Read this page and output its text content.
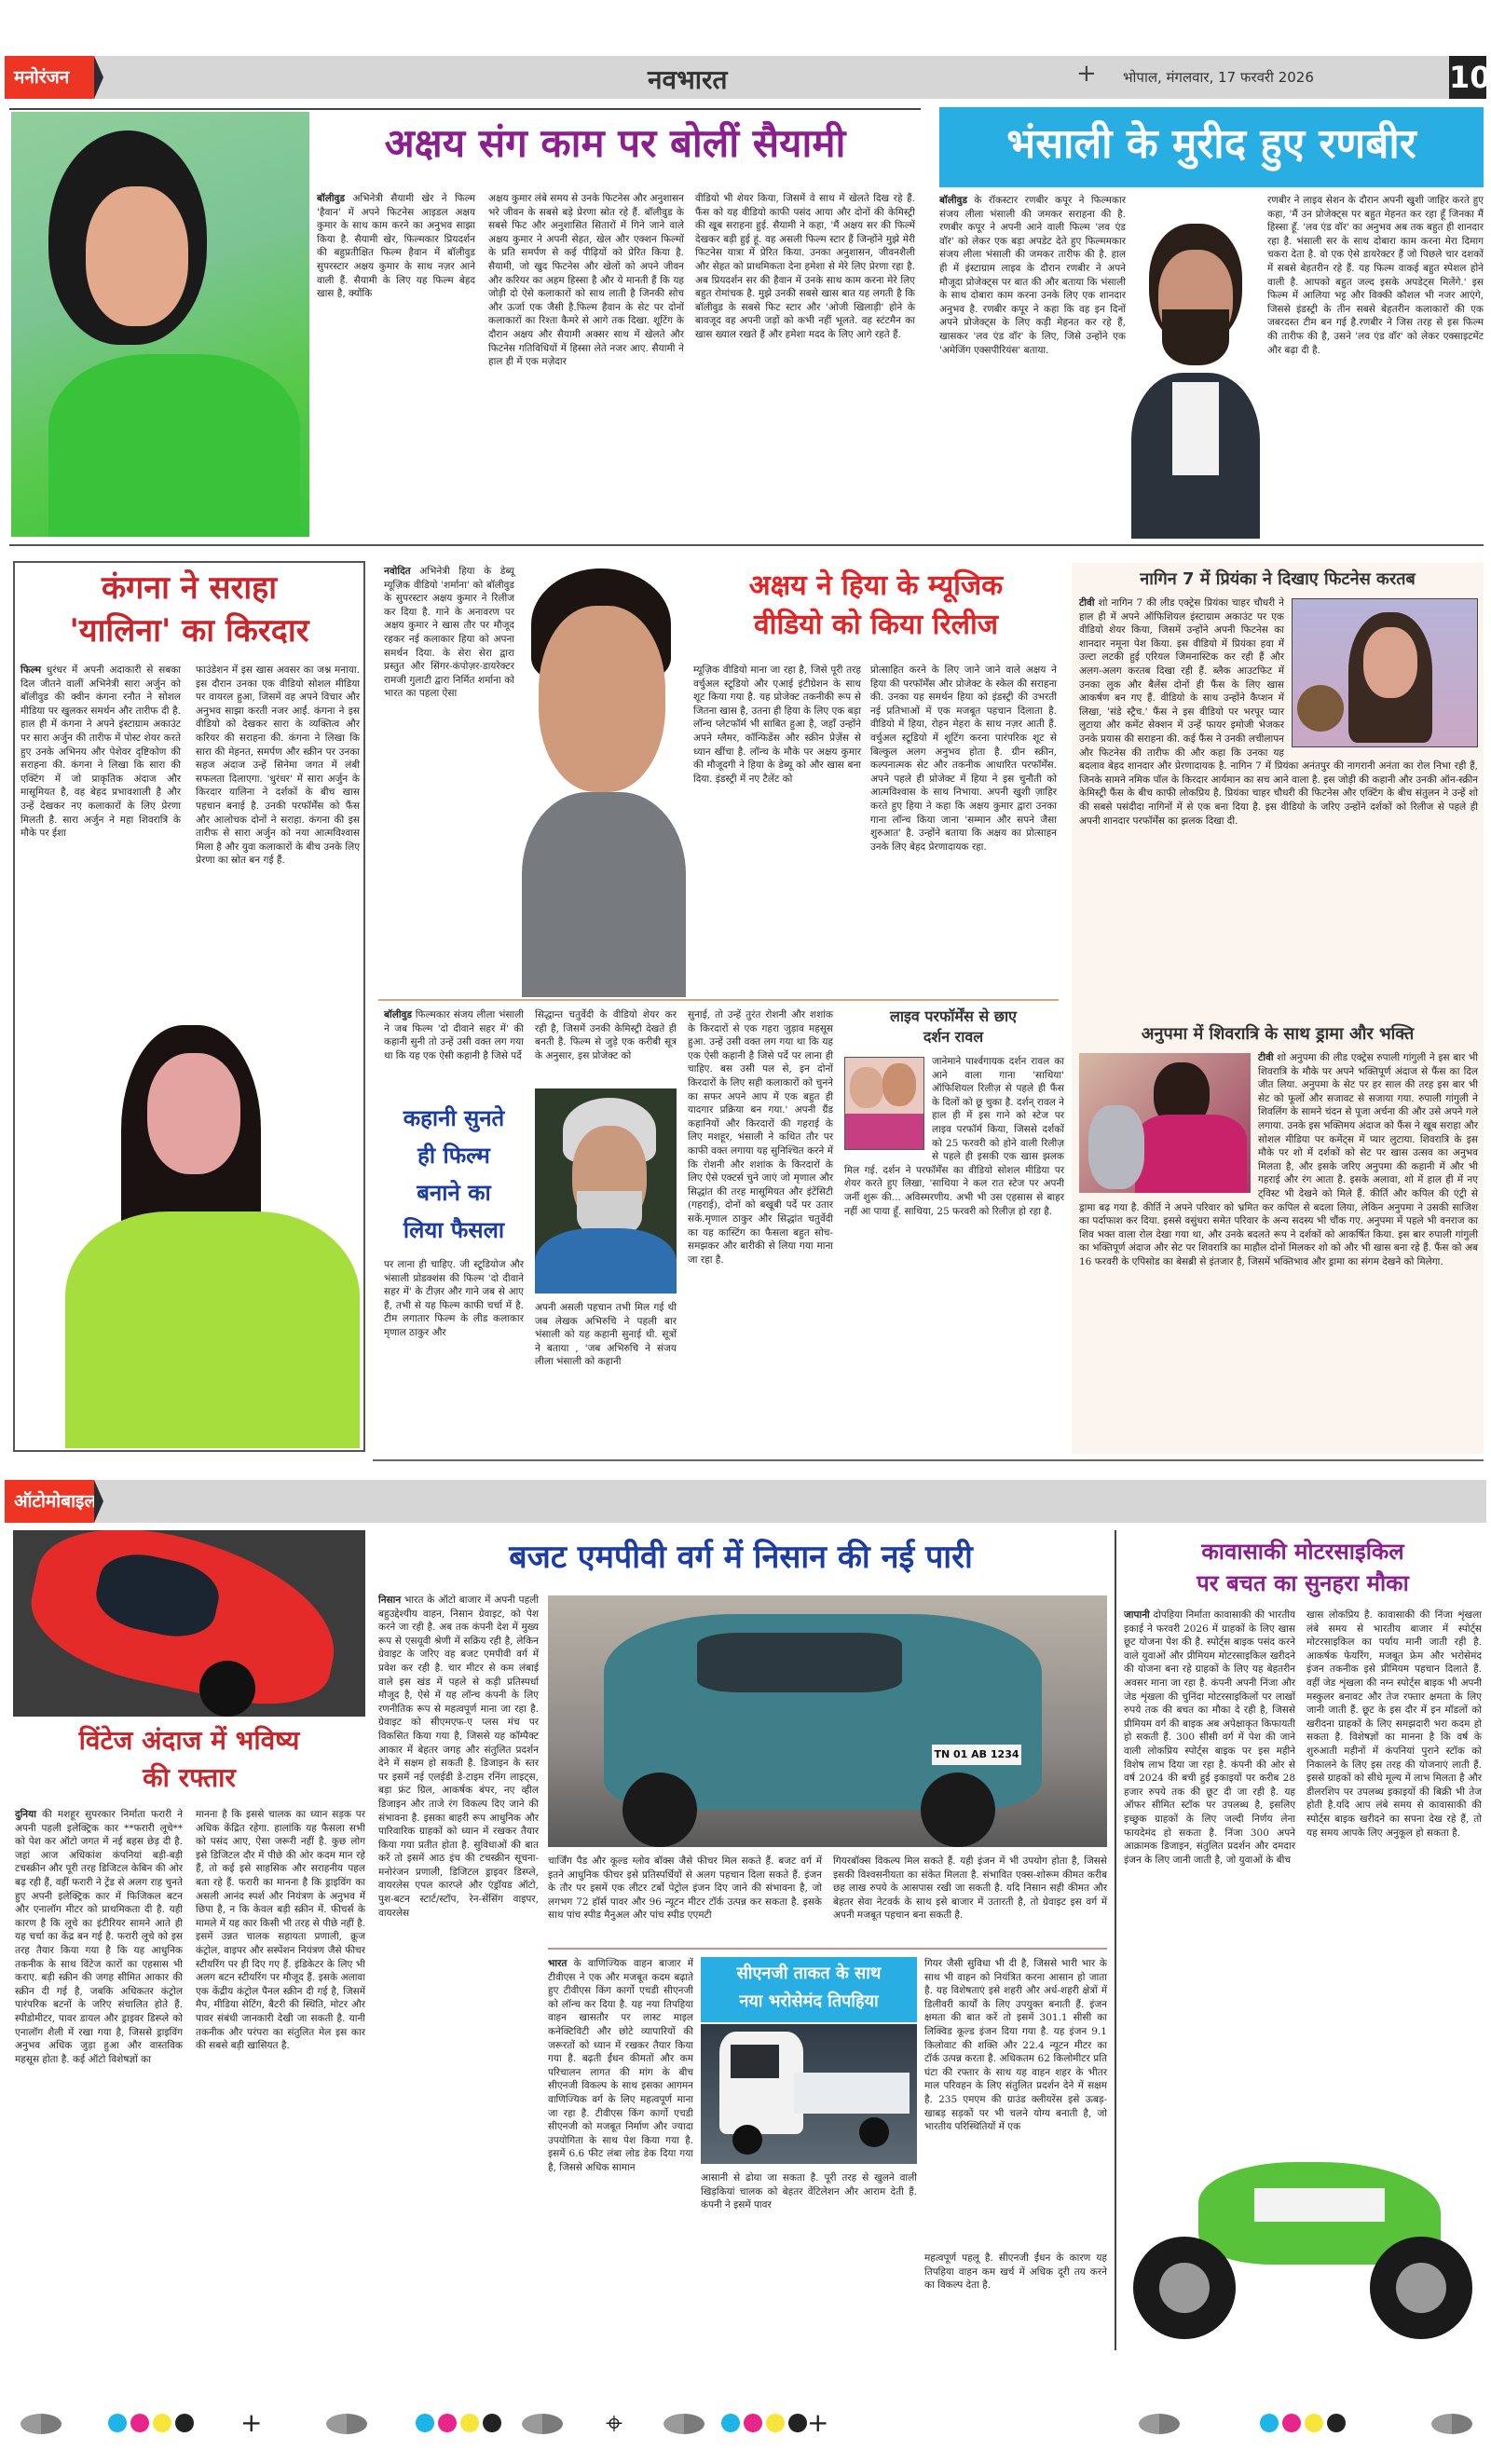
मनोरंजन	नवभारत	+ भोपाल, मंगलवार, 17 फरवरी 2026	10
अक्षय संग काम पर बोलीं सैयामी
बॉलीवुड अभिनेत्री सैयामी खेर ने फिल्म 'हैवान' में अपने फिटनेस आइडल अक्षय कुमार के साथ काम करने का अनुभव साझा किया है. सैयामी खेर, फिल्मकार प्रियदर्शन की बहुप्रतीक्षित फिल्म हैवान में बॉलीवुड सुपरस्टार अक्षय कुमार के साथ नज़र आने वाली हैं. सैयामी के लिए यह फिल्म बेहद खास है, क्योंकि
अक्षय कुमार लंबे समय से उनके फिटनेस और अनुशासन भरे जीवन के सबसे बड़े प्रेरणा स्रोत रहे हैं. बॉलीवुड के सबसे फिट और अनुशासित सितारों में गिने जाने वाले अक्षय कुमार ने अपनी सेहत, खेल और एक्शन फिल्मों के प्रति समर्पण से कई पीढ़ियों को प्रेरित किया है. सैयामी, जो खुद फिटनेस और खेलों को अपने जीवन और करियर का अहम हिस्सा है और ये मानती हैं कि यह जोड़ी दो ऐसे कलाकारों को साथ लाती है जिनकी सोच और ऊर्जा एक जैसी है.फिल्म हैवान के सेट पर दोनों कलाकारों का रिश्ता कैमरे से आगे तक दिखा. शूटिंग के दौरान अक्षय और सैयामी अक्सर साथ में खेलते और फिटनेस गतिविधियों में हिस्सा लेते नजर आए. सैयामी ने हाल ही में एक मज़ेदार
वीडियो भी शेयर किया, जिसमें वे साथ में खेलते दिख रहे हैं. फैंस को यह वीडियो काफी पसंद आया और दोनों की केमिस्ट्री की खूब सराहना हुई. सैयामी ने कहा, 'मैं अक्षय सर की फिल्में देखकर बड़ी हुई हूं. वह असली फिल्म स्टार हैं जिन्होंने मुझे मेरी फिटनेस यात्रा में प्रेरित किया. उनका अनुशासन, जीवनशैली और सेहत को प्राथमिकता देना हमेशा से मेरे लिए प्रेरणा रहा है. अब प्रियदर्शन सर की हैवान में उनके साथ काम करना मेरे लिए बहुत रोमांचक है. मुझे उनकी सबसे खास बात यह लगती है कि बॉलीवुड के सबसे फिट स्टार और 'ओजी खिलाड़ी' होने के बावजूद वह अपनी जड़ों को कभी नहीं भूलते. वह स्टंटमैन का खास ख्याल रखते हैं और हमेशा मदद के लिए आगे रहते हैं.
भंसाली के मुरीद हुए रणबीर
बॉलीवुड के रॉकस्टार रणबीर कपूर ने फिल्मकार संजय लीला भंसाली की जमकर सराहना की है. रणबीर कपूर ने अपनी आने वाली फिल्म 'लव एंड वॉर' को लेकर एक बड़ा अपडेट देते हुए फिल्ममकार संजय लीला भंसाली की जमकर तारीफ की है. हाल ही में इंस्टाग्राम लाइव के दौरान रणबीर ने अपने मौजूदा प्रोजेक्ट्स पर बात की और बताया कि भंसाली के साथ दोबारा काम करना उनके लिए एक शानदार अनुभव है. रणबीर कपूर ने कहा कि वह इन दिनों अपने प्रोजेक्ट्स के लिए कड़ी मेहनत कर रहे हैं, खासकर 'लव एंड वॉर' के लिए, जिसे उन्होंने एक 'अमेजिंग एक्सपीरियंस' बताया.
रणबीर ने लाइव सेशन के दौरान अपनी खुशी जाहिर करते हुए कहा, 'मैं उन प्रोजेक्ट्स पर बहुत मेहनत कर रहा हूँ जिनका मैं हिस्सा हूँ. 'लव एंड वॉर' का अनुभव अब तक बहुत ही शानदार रहा है. भंसाली सर के साथ दोबारा काम करना मेरा दिमाग चकरा देता है. वो एक ऐसे डायरेक्टर हैं जो पिछले चार दशकों में सबसे बेहतरीन रहे हैं. यह फिल्म वाकई बहुत स्पेशल होने वाली है. आपको बहुत जल्द इसके अपडेट्स मिलेंगे.' इस फिल्म में आलिया भट्ट और विक्की कौशल भी नजर आएंगे, जिससे इंडस्ट्री के तीन सबसे बेहतरीन कलाकारों की एक जबरदस्त टीम बन गई है.रणबीर ने जिस तरह से इस फिल्म की तारीफ की है, उसने 'लव एंड वॉर' को लेकर एक्साइटमेंट और बढ़ा दी है.
कंगना ने सराहा
'यालिना' का किरदार
फिल्म धुरंधर में अपनी अदाकारी से सबका दिल जीतने वालीं अभिनेत्री सारा अर्जुन को बॉलीवुड की क्वीन कंगना रनौत ने सोशल मीडिया पर खुलकर समर्थन और तारीफ दी है. हाल ही में कंगना ने अपने इंस्टाग्राम अकाउंट पर सारा अर्जुन की तारीफ में पोस्ट शेयर करते हुए उनके अभिनय और पेशेवर दृष्टिकोण की सराहना की. कंगना ने लिखा कि सारा की एक्टिंग में जो प्राकृतिक अंदाज और मासूमियत है, वह बेहद प्रभावशाली है और उन्हें देखकर नए कलाकारों के लिए प्रेरणा मिलती है. सारा अर्जुन ने महा शिवरात्रि के मौके पर ईशा
फाउंडेशन में इस खास अवसर का जश्न मनाया. इस दौरान उनका एक वीडियो सोशल मीडिया पर वायरल हुआ, जिसमें वह अपने विचार और अनुभव साझा करती नजर आईं. कंगना ने इस वीडियो को देखकर सारा के व्यक्तित्व और करियर की सराहना की. कंगना ने लिखा कि सारा की मेहनत, समर्पण और स्क्रीन पर उनका सहज अंदाज उन्हें सिनेमा जगत में लंबी सफलता दिलाएगा. 'धुरंधर' में सारा अर्जुन के किरदार यालिना ने दर्शकों के बीच खास पहचान बनाई है. उनकी परफॉर्मेंस को फैंस और आलोचक दोनों ने सराहा. कंगना की इस तारीफ से सारा अर्जुन को नया आत्मविश्वास मिला है और युवा कलाकारों के बीच उनके लिए प्रेरणा का स्रोत बन गई हैं.
नवोदित अभिनेत्री हिया के डेब्यू म्यूज़िक वीडियो 'शर्माना' को बॉलीवुड के सुपरस्टार अक्षय कुमार ने रिलीज कर दिया है. गाने के अनावरण पर अक्षय कुमार ने खास तौर पर मौजूद रहकर नई कलाकार हिया को अपना समर्थन दिया. के सेरा सेरा द्वारा प्रस्तुत और सिंगर-कंपोज़र-डायरेक्टर रामजी गुलाटी द्वारा निर्मित शर्माना को भारत का पहला ऐसा
अक्षय ने हिया के म्यूजिक
वीडियो को किया रिलीज
म्यूज़िक वीडियो माना जा रहा है, जिसे पूरी तरह वर्चुअल स्टूडियो और एआई इंटीग्रेशन के साथ शूट किया गया है. यह प्रोजेक्ट तकनीकी रूप से जितना खास है, उतना ही हिया के लिए एक बड़ा लॉन्च प्लेटफॉर्म भी साबित हुआ है, जहाँ उन्होंने अपने ग्लैमर, कॉन्फिडेंस और स्क्रीन प्रेज़ेंस से ध्यान खींचा है. लॉन्च के मौके पर अक्षय कुमार की मौजूदगी ने हिया के डेब्यू को और खास बना दिया. इंडस्ट्री में नए टैलेंट को
प्रोत्साहित करने के लिए जाने जाने वाले अक्षय ने हिया की परफॉर्मेंस और प्रोजेक्ट के स्केल की सराहना की. उनका यह समर्थन हिया को इंडस्ट्री की उभरती नई प्रतिभाओं में एक मजबूत पहचान दिलाता है. वीडियो में हिया, रोहन मेहरा के साथ नज़र आती हैं. वर्चुअल स्टूडियो में शूटिंग करना पारंपरिक शूट से बिल्कुल अलग अनुभव होता है. ग्रीन स्क्रीन, कल्पनात्मक सेट और तकनीक आधारित परफॉर्मेंस. अपने पहले ही प्रोजेक्ट में हिया ने इस चुनौती को आत्मविश्वास के साथ निभाया. अपनी खुशी ज़ाहिर करते हुए हिया ने कहा कि अक्षय कुमार द्वारा उनका गाना लॉन्च किया जाना 'सम्मान और सपने जैसा शुरुआत' है. उन्होंने बताया कि अक्षय का प्रोत्साहन उनके लिए बेहद प्रेरणादायक रहा.
नागिन 7 में प्रियंका ने दिखाए फिटनेस करतब
टीवी शो नागिन 7 की लीड एक्ट्रेस प्रियंका चाहर चौधरी ने हाल ही में अपने ऑफिशियल इंस्टाग्राम अकाउंट पर एक वीडियो शेयर किया, जिसमें उन्होंने अपनी फिटनेस का शानदार नमूना पेश किया. इस वीडियो में प्रियंका हवा में उल्टा लटकी हुई एरियल जिमनास्टिक कर रही हैं और अलग-अलग करतब दिखा रही हैं. ब्लैक आउटफिट में उनका लुक और बैलेंस दोनों ही फैंस के लिए खास आकर्षण बन गए हैं. वीडियो के साथ उन्होंने कैप्शन में लिखा, 'संडे स्ट्रैच.' फैंस ने इस वीडियो पर भरपूर प्यार लुटाया और कमेंट सेक्शन में उन्हें फायर इमोजी भेजकर उनके प्रयास की सराहना की. कई फैंस ने उनकी लचीलापन और फिटनेस की तारीफ की और कहा कि उनका यह बदलाव बेहद शानदार और प्रेरणादायक है. नागिन 7 में प्रियंका अनंतपुर की नागरानी अनंता का रोल निभा रही हैं, जिनके सामने नमिक पॉल के किरदार आर्यमान का सच आने वाला है. इस जोड़ी की कहानी और उनकी ऑन-स्क्रीन केमिस्ट्री फैंस के बीच काफी लोकप्रिय है. प्रियंका चाहर चौधरी की फिटनेस और एक्टिंग के बीच संतुलन ने उन्हें शो की सबसे पसंदीदा नागिनों में से एक बना दिया है. इस वीडियो के जरिए उन्होंने दर्शकों को रिलीज से पहले ही अपनी शानदार परफॉर्मेंस का झलक दिखा दी.
अनुपमा में शिवरात्रि के साथ ड्रामा और भक्ति
टीवी शो अनुपमा की लीड एक्ट्रेस रुपाली गांगुली ने इस बार भी शिवरात्रि के मौके पर अपने भक्तिपूर्ण अंदाज से फैंस का दिल जीत लिया. अनुपमा के सेट पर हर साल की तरह इस बार भी सेट को फूलों और सजावट से सजाया गया. रुपाली गांगुली ने शिवलिंग के सामने चंदन से पूजा अर्चना की और उसे अपने गले लगाया. उनके इस भक्तिमय अंदाज को फैंस ने खूब सराहा और सोशल मीडिया पर कमेंट्स में प्यार लुटाया. शिवरात्रि के इस मौके पर शो में दर्शकों को सेट पर खास उत्सव का अनुभव मिलता है, और इसके जरिए अनुपमा की कहानी में और भी गहराई और रंग आता है. इसके अलावा, शो में हाल ही में नए ट्विस्ट भी देखने को मिले हैं. कीर्ति और कपिल की एंट्री से ड्रामा बढ़ गया है. कीर्ति ने अपने परिवार को भ्रमित कर कपिल से बदला लिया, लेकिन अनुपमा ने उसकी साजिश का पर्दाफाश कर दिया. इससे वसुंधरा समेत परिवार के अन्य सदस्य भी चौंक गए. अनुपमा में पहले भी वनराज का शिव भक्त वाला रोल देखा गया था, और उनके बदलते रूप ने दर्शकों को आकर्षित किया. इस बार रुपाली गांगुली का भक्तिपूर्ण अंदाज और सेट पर शिवरात्रि का माहौल दोनों मिलकर शो को और भी खास बना रहे हैं. फैंस को अब 16 फरवरी के एपिसोड का बेसब्री से इंतजार है, जिसमें भक्तिभाव और ड्रामा का संगम देखने को मिलेगा.
बॉलीवुड फिल्मकार संजय लीला भंसाली ने जब फिल्म 'दो दीवाने सहर में' की कहानी सुनी तो उन्हें उसी वक्त लग गया था कि यह एक ऐसी कहानी है जिसे पर्दे
कहानी सुनते
ही फिल्म
बनाने का
लिया फैसला
पर लाना ही चाहिए. जी स्टूडियोज और भंसाली प्रोडक्शंस की फिल्म 'दो दीवाने सहर में' के टीज़र और गाने जब से आए हैं, तभी से यह फिल्म काफी चर्चा में है. टीम लगातार फिल्म के लीड कलाकार मृणाल ठाकुर और
सिद्धान्त चतुर्वेदी के वीडियो शेयर कर रही है, जिसमें उनकी केमिस्ट्री देखते ही बनती है. फिल्म से जुड़े एक करीबी सूत्र के अनुसार, इस प्रोजेक्ट को
अपनी असली पहचान तभी मिल गई थी जब लेखक अभिरुचि ने पहली बार भंसाली को यह कहानी सुनाई थी. सूत्रों ने बताया , 'जब अभिरुचि ने संजय लीला भंसाली को कहानी
सुनाई, तो उन्हें तुरंत रोशनी और शशांक के किरदारों से एक गहरा जुड़ाव महसूस हुआ. उन्हें उसी वक्त लग गया था कि यह एक ऐसी कहानी है जिसे पर्दे पर लाना ही चाहिए. बस उसी पल से, इन दोनों किरदारों के लिए सही कलाकारों को चुनने का सफर अपने आप में एक बहुत ही यादगार प्रक्रिया बन गया.' अपनी ग्रैंड कहानियों और किरदारों की गहराई के लिए मशहूर, भंसाली ने कथित तौर पर काफी वक्त लगाया यह सुनिश्चित करने में कि रोशनी और शशांक के किरदारों के लिए ऐसे एक्टर्स चुने जाएं जो मृणाल और सिद्धांत की तरह मासूमियत और इंटेंसिटी (गहराई), दोनों को बखूबी पर्दे पर उतार सकें.मृणाल ठाकुर और सिद्धांत चतुर्वेदी का यह कास्टिंग का फैसला बहुत सोच-समझकर और बारीकी से लिया गया माना जा रहा है.
लाइव परफॉर्मेंस से छाए
दर्शन रावल
जानेमाने पार्श्वगायक दर्शन रावल का आने वाला गाना 'साथिया' ऑफिशियल रिलीज़ से पहले ही फैंस के दिलों को छू चुका है. दर्शन् रावल ने हाल ही में इस गाने को स्टेज पर लाइव परफॉर्म किया, जिससे दर्शकों को 25 फरवरी को होने वाली रिलीज़ से पहले ही इसकी एक खास झलक मिल गई. दर्शन ने परफॉर्मेंस का वीडियो सोशल मीडिया पर शेयर करते हुए लिखा, 'साथिया ने कल रात स्टेज पर अपनी जर्नी शुरू की... अविस्मरणीय. अभी भी उस एहसास से बाहर नहीं आ पाया हूँ. साथिया, 25 फरवरी को रिलीज़ हो रहा है.
ऑटोमोबाइल
विंटेज अंदाज में भविष्य
की रफ्तार
दुनिया की मशहूर सुपरकार निर्माता फरारी ने अपनी पहली इलेक्ट्रिक कार **फरारी लूचे** को पेश कर ऑटो जगत में नई बहस छेड़ दी है. जहां आज अधिकांश कंपनियां बड़ी-बड़ी टचस्क्रीन और पूरी तरह डिजिटल केबिन की ओर बढ़ रही हैं, वहीं फरारी ने ट्रेंड से अलग राह चुनते हुए अपनी इलेक्ट्रिक कार में फिजिकल बटन और एनालॉग मीटर को प्राथमिकता दी है. यही कारण है कि लूचे का इंटीरियर सामने आते ही यह चर्चा का केंद्र बन गई है. फरारी लूचे को इस तरह तैयार किया गया है कि यह आधुनिक तकनीक के साथ विंटेज कारों का एहसास भी कराए. बड़ी स्क्रीन की जगह सीमित आकार की स्क्रीन दी गई है, जबकि अधिकतर कंट्रोल पारंपरिक बटनों के जरिए संचालित होते हैं. स्पीडोमीटर, पावर डायल और ड्राइवर डिस्प्ले को एनालॉग शैली में रखा गया है, जिससे ड्राइविंग अनुभव अधिक जुड़ा हुआ और वास्तविक महसूस होता है. कई ऑटो विशेषज्ञों का
मानना है कि इससे चालक का ध्यान सड़क पर अधिक केंद्रित रहेगा. हालांकि यह फैसला सभी को पसंद आए, ऐसा जरूरी नहीं है. कुछ लोग इसे डिजिटल दौर में पीछे की ओर कदम मान रहे हैं, तो कई इसे साहसिक और सराहनीय पहल बता रहे हैं. फरारी का मानना है कि ड्राइविंग का असली आनंद स्पर्श और नियंत्रण के अनुभव में छिपा है, न कि केवल बड़ी स्क्रीन में. फीचर्स के मामले में यह कार किसी भी तरह से पीछे नहीं है. इसमें उन्नत चालक सहायता प्रणाली, क्रूज कंट्रोल, वाइपर और सस्पेंशन नियंत्रण जैसे फीचर स्टीयरिंग पर ही दिए गए हैं. इंडिकेटर के लिए भी अलग बटन स्टीयरिंग पर मौजूद हैं. इसके अलावा एक केंद्रीय कंट्रोल पैनल स्क्रीन दी गई है, जिसमें मैप, मीडिया सेटिंग, बैटरी की स्थिति, मोटर और पावर संबंधी जानकारी देखी जा सकती है. यानी तकनीक और परंपरा का संतुलित मेल इस कार की सबसे बड़ी खासियत है.
बजट एमपीवी वर्ग में निसान की नई पारी
निसान भारत के ऑटो बाजार में अपनी पहली बहुउद्देश्यीय वाहन, निसान ग्रेवाइट, को पेश करने जा रही है. अब तक कंपनी देश में मुख्य रूप से एसयूवी श्रेणी में सक्रिय रही है, लेकिन ग्रेवाइट के जरिए वह बजट एमपीवी वर्ग में प्रवेश कर रही है. चार मीटर से कम लंबाई वाले इस खंड में पहले से कड़ी प्रतिस्पर्धा मौजूद है, ऐसे में यह लॉन्च कंपनी के लिए रणनीतिक रूप से महत्वपूर्ण माना जा रहा है. ग्रेवाइट को सीएमएफ-ए प्लस मंच पर विकसित किया गया है, जिससे यह कॉम्पैक्ट आकार में बेहतर जगह और संतुलित प्रदर्शन देने में सक्षम हो सकती है. डिजाइन के स्तर पर इसमें नई एलईडी डे-टाइम रनिंग लाइट्स, बड़ा फ्रंट ग्रिल, आकर्षक बंपर, नए व्हील डिजाइन और ताजे रंग विकल्प दिए जाने की संभावना है. इसका बाहरी रूप आधुनिक और पारिवारिक ग्राहकों को ध्यान में रखकर तैयार किया गया प्रतीत होता है. सुविधाओं की बात करें तो इसमें आठ इंच की टचस्क्रीन सूचना-मनोरंजन प्रणाली, डिजिटल ड्राइवर डिस्प्ले, वायरलेस एपल कारप्ले और एंड्रॉयड ऑटो, पुश-बटन स्टार्ट/स्टॉप, रेन-सेंसिंग वाइपर, वायरलेस
TN 01 AB 1234
चार्जिंग पैड और कूल्ड ग्लोव बॉक्स जैसे फीचर मिल सकते हैं. बजट वर्ग में इतने आधुनिक फीचर इसे प्रतिस्पर्धियों से अलग पहचान दिला सकते हैं. इंजन के तौर पर इसमें एक लीटर टर्बो पेट्रोल इंजन दिए जाने की संभावना है, जो लगभग 72 हॉर्स पावर और 96 न्यूटन मीटर टॉर्क उत्पन्न कर सकता है. इसके साथ पांच स्पीड मैनुअल और पांच स्पीड एएमटी
गियरबॉक्स विकल्प मिल सकते हैं. यही इंजन में भी उपयोग होता है, जिससे इसकी विश्वसनीयता का संकेत मिलता है. संभावित एक्स-शोरूम कीमत करीब छह लाख रुपये के आसपास रखी जा सकती है. यदि निसान सही कीमत और बेहतर सेवा नेटवर्क के साथ इसे बाजार में उतारती है, तो ग्रेवाइट इस वर्ग में अपनी मजबूत पहचान बना सकती है.
भारत के वाणिज्यिक वाहन बाजार में टीवीएस ने एक और मजबूत कदम बढ़ाते हुए टीवीएस किंग कार्गो एचडी सीएनजी को लॉन्च कर दिया है. यह नया तिपहिया वाहन खासतौर पर लास्ट माइल कनेक्टिविटी और छोटे व्यापारियों की जरूरतों को ध्यान में रखकर तैयार किया गया है. बढ़ती ईंधन कीमतों और कम परिचालन लागत की मांग के बीच सीएनजी विकल्प के साथ इसका आगमन वाणिज्यिक वर्ग के लिए महत्वपूर्ण माना जा रहा है. टीवीएस किंग कार्गो एचडी सीएनजी को मजबूत निर्माण और ज्यादा उपयोगिता के साथ पेश किया गया है. इसमें 6.6 फीट लंबा लोड डेक दिया गया है, जिससे अधिक सामान
सीएनजी ताकत के साथ
नया भरोसेमंद तिपहिया
गियर जैसी सुविधा भी दी है, जिससे भारी भार के साथ भी वाहन को नियंत्रित करना आसान हो जाता है. यह विशेषताएं इसे शहरी और अर्ध-शहरी क्षेत्रों में डिलीवरी कार्यों के लिए उपयुक्त बनाती हैं. इंजन क्षमता की बात करें तो इसमें 301.1 सीसी का लिक्विड कूल्ड इंजन दिया गया है. यह इंजन 9.1 किलोवाट की शक्ति और 22.4 न्यूटन मीटर का टॉर्क उत्पन्न करता है. अधिकतम 62 किलोमीटर प्रति घंटा की रफ्तार के साथ यह वाहन शहर के भीतर माल परिवहन के लिए संतुलित प्रदर्शन देने में सक्षम है. 235 एमएम की ग्राउंड क्लीयरेंस इसे ऊबड़-खाबड़ सड़कों पर भी चलने योग्य बनाती है, जो भारतीय परिस्थितियों में एक
आसानी से ढोया जा सकता है. पूरी तरह से खुलने वाली खिड़कियां चालक को बेहतर वेंटिलेशन और आराम देती हैं. कंपनी ने इसमें पावर
महत्वपूर्ण पहलू है. सीएनजी ईंधन के कारण यह तिपहिया वाहन कम खर्च में अधिक दूरी तय करने का विकल्प देता है.
कावासाकी मोटरसाइकिल
पर बचत का सुनहरा मौका
जापानी दोपहिया निर्माता कावासाकी की भारतीय इकाई ने फरवरी 2026 में ग्राहकों के लिए खास छूट योजना पेश की है. स्पोर्ट्स बाइक पसंद करने वाले युवाओं और प्रीमियम मोटरसाइकिल खरीदने की योजना बना रहे ग्राहकों के लिए यह बेहतरीन अवसर माना जा रहा है. कंपनी अपनी निंजा और जेड शृंखला की चुनिंदा मोटरसाइकिलों पर लाखों रुपये तक की बचत का मौका दे रही है, जिससे प्रीमियम वर्ग की बाइक अब अपेक्षाकृत किफायती हो सकती हैं. 300 सीसी वर्ग में पेश की जाने वाली लोकप्रिय स्पोर्ट्स बाइक पर इस महीने विशेष लाभ दिया जा रहा है. कंपनी की ओर से वर्ष 2024 की बची हुई इकाइयों पर करीब 28 हजार रुपये तक की छूट दी जा रही है. यह ऑफर सीमित स्टॉक पर उपलब्ध है, इसलिए इच्छुक ग्राहकों के लिए जल्दी निर्णय लेना फायदेमंद हो सकता है. निंजा 300 अपने आक्रामक डिजाइन, संतुलित प्रदर्शन और दमदार इंजन के लिए जानी जाती है, जो युवाओं के बीच
खास लोकप्रिय है. कावासाकी की निंजा शृंखला लंबे समय से भारतीय बाजार में स्पोर्ट्स मोटरसाइकिल का पर्याय मानी जाती रही है. आकर्षक फेयरिंग, मजबूत फ्रेम और भरोसेमंद इंजन तकनीक इसे प्रीमियम पहचान दिलाते हैं. वहीं जेड शृंखला की नग्न स्पोर्ट्स बाइक भी अपनी मस्कुलर बनावट और तेज रफ्तार क्षमता के लिए जानी जाती हैं. छूट के इस दौर में इन मॉडलों को खरीदना ग्राहकों के लिए समझदारी भरा कदम हो सकता है. विशेषज्ञों का मानना है कि वर्ष के शुरुआती महीनों में कंपनियां पुराने स्टॉक को निकालने के लिए इस तरह की योजनाएं लाती हैं. इससे ग्राहकों को सीधे मूल्य में लाभ मिलता है और डीलरशिप पर उपलब्ध इकाइयों की बिक्री भी तेज होती है.यदि आप लंबे समय से कावासाकी की स्पोर्ट्स बाइक खरीदने का सपना देख रहे हैं, तो यह समय आपके लिए अनुकूल हो सकता है.
+	⌖	+
